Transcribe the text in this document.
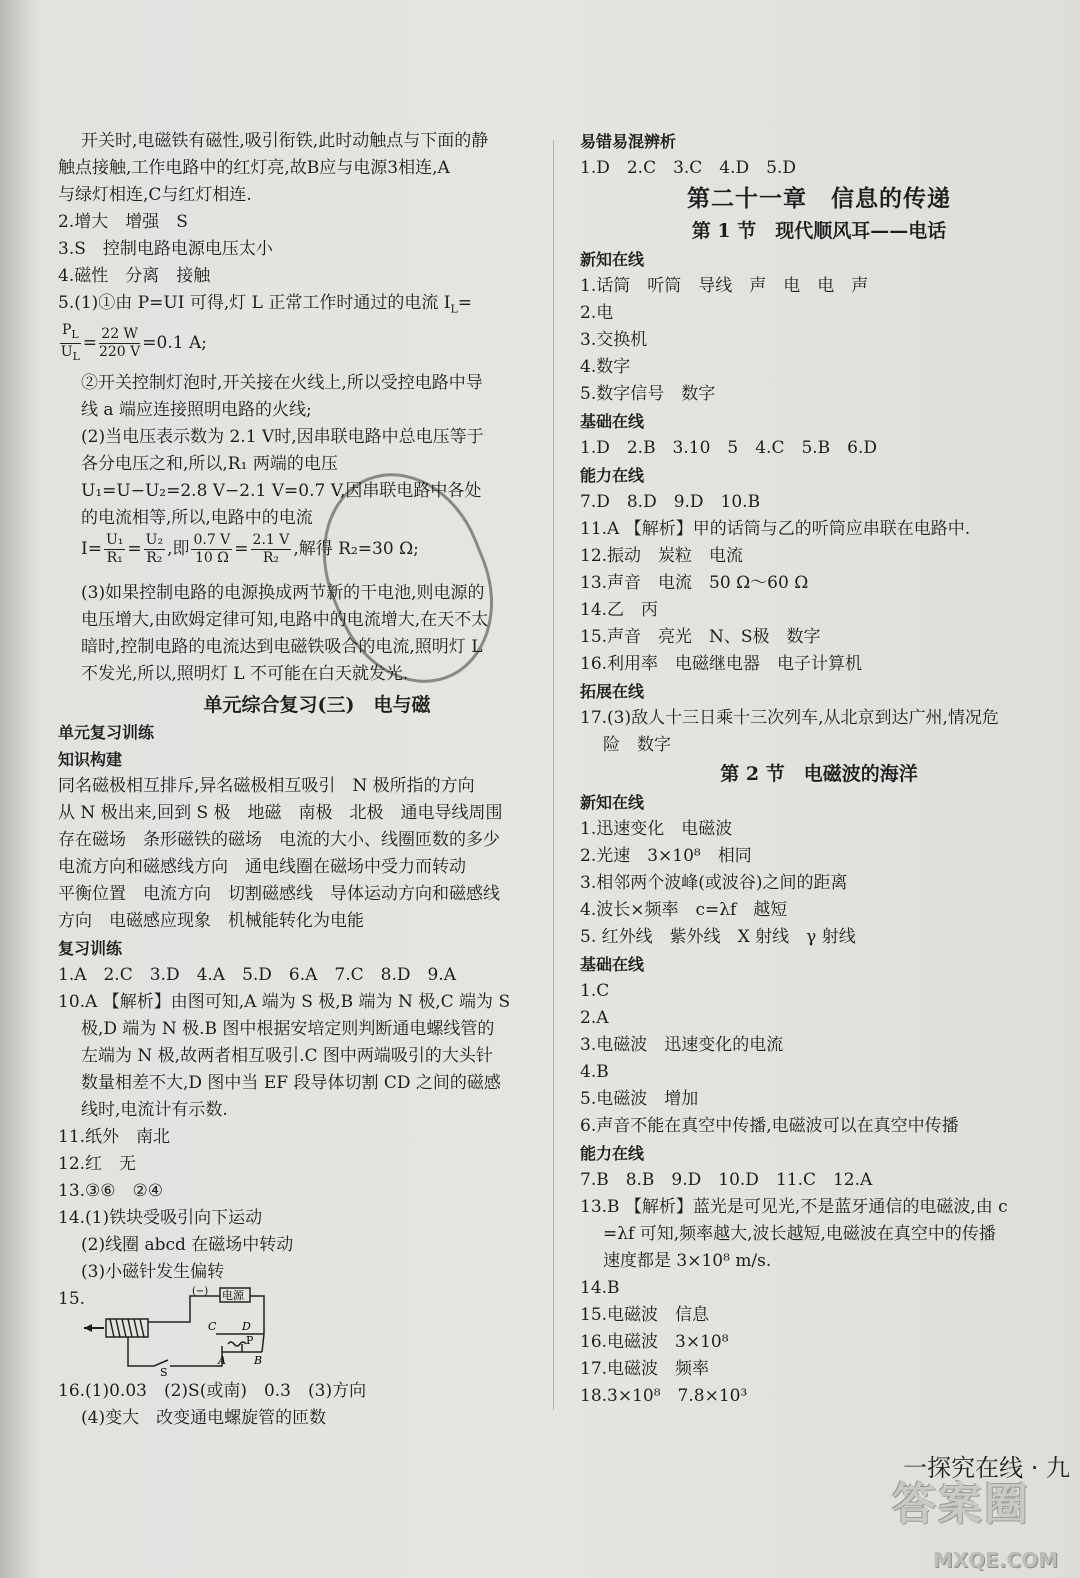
开关时,电磁铁有磁性,吸引衔铁,此时动触点与下面的静
触点接触,工作电路中的红灯亮,故B应与电源3相连,A
与绿灯相连,C与红灯相连.
2.增大　增强　S
3.S　控制电路电源电压太小
4.磁性　分离　接触
5.(1)①由 P=UI 可得,灯 L 正常工作时通过的电流 $I_L=$
$\frac{P_L}{U_L} = \frac{22 W}{220 V} =0.1$ A;
②开关控制灯泡时,开关接在火线上,所以受控电路中导
线 a 端应连接照明电路的火线;
(2)当电压表示数为 2.1 V时,因串联电路中总电压等于
各分电压之和,所以,R₁ 两端的电压
U₁=U−U₂=2.8 V−2.1 V=0.7 V,因串联电路中各处
的电流相等,所以,电路中的电流
$I= \frac{\text{U₁}}{\text{R₁}} = \frac{\text{U₂}}{\text{R₂}}$ ,即 $\frac{0.7 V}{10 \Omega} = \frac{2.1 V}{\text{R₂}}$ ,解得 R₂=30 Ω;
(3)如果控制电路的电源换成两节新的干电池,则电源的
电压增大,由欧姆定律可知,电路中的电流增大,在天不太
暗时,控制电路的电流达到电磁铁吸合的电流,照明灯 L
不发光,所以,照明灯 L 不可能在白天就发光.
单元综合复习(三)　电与磁
单元复习训练
知识构建
同名磁极相互排斥,异名磁极相互吸引　N 极所指的方向
从 N 极出来,回到 S 极　地磁　南极　北极　通电导线周围
存在磁场　条形磁铁的磁场　电流的大小、线圈匝数的多少
电流方向和磁感线方向　通电线圈在磁场中受力而转动
平衡位置　电流方向　切割磁感线　导体运动方向和磁感线
方向　电磁感应现象　机械能转化为电能
复习训练
1.A　2.C　3.D　4.A　5.D　6.A　7.C　8.D　9.A
10.A 【解析】由图可知,A 端为 S 极,B 端为 N 极,C 端为 S
极,D 端为 N 极.B 图中根据安培定则判断通电螺线管的
左端为 N 极,故两者相互吸引.C 图中两端吸引的大头针
数量相差不大,D 图中当 EF 段导体切割 CD 之间的磁感
线时,电流计有示数.
11.纸外　南北
12.红　无
13.③⑥　②④
14.(1)铁块受吸引向下运动
(2)线圈 abcd 在磁场中转动
(3)小磁针发生偏转
15.	(−) 电源
C D
P
A	B
S
16.(1)0.03　(2)S(或南)　0.3　(3)方向
(4)变大　改变通电螺旋管的匝数
易错易混辨析
1.D　2.C　3.C　4.D　5.D
第二十一章　信息的传递
第 1 节　现代顺风耳——电话
新知在线
1.话筒　听筒　导线　声　电　电　声
2.电
3.交换机
4.数字
5.数字信号　数字
基础在线
1.D　2.B　3.10　5　4.C　5.B　6.D
能力在线
7.D　8.D　9.D　10.B
11.A 【解析】甲的话筒与乙的听筒应串联在电路中.
12.振动　炭粒　电流
13.声音　电流　50 Ω～60 Ω
14.乙　丙
15.声音　亮光　N、S极　数字
16.利用率　电磁继电器　电子计算机
拓展在线
17.(3)敌人十三日乘十三次列车,从北京到达广州,情况危
险　数字
第 2 节　电磁波的海洋
新知在线
1.迅速变化　电磁波
2.光速　3×10⁸　相同
3.相邻两个波峰(或波谷)之间的距离
4.波长×频率　c=λf　越短
5. 红外线　紫外线　X 射线　γ 射线
基础在线
1.C
2.A
3.电磁波　迅速变化的电流
4.B
5.电磁波　增加
6.声音不能在真空中传播,电磁波可以在真空中传播
能力在线
7.B　8.B　9.D　10.D　11.C　12.A
13.B 【解析】蓝光是可见光,不是蓝牙通信的电磁波,由 c
=λf 可知,频率越大,波长越短,电磁波在真空中的传播
速度都是 3×10⁸ m/s.
14.B
15.电磁波　信息
16.电磁波　3×10⁸
17.电磁波　频率
18.3×10⁸　7.8×10³
一探究在线 · 九
答案圈
MXQE.COM
